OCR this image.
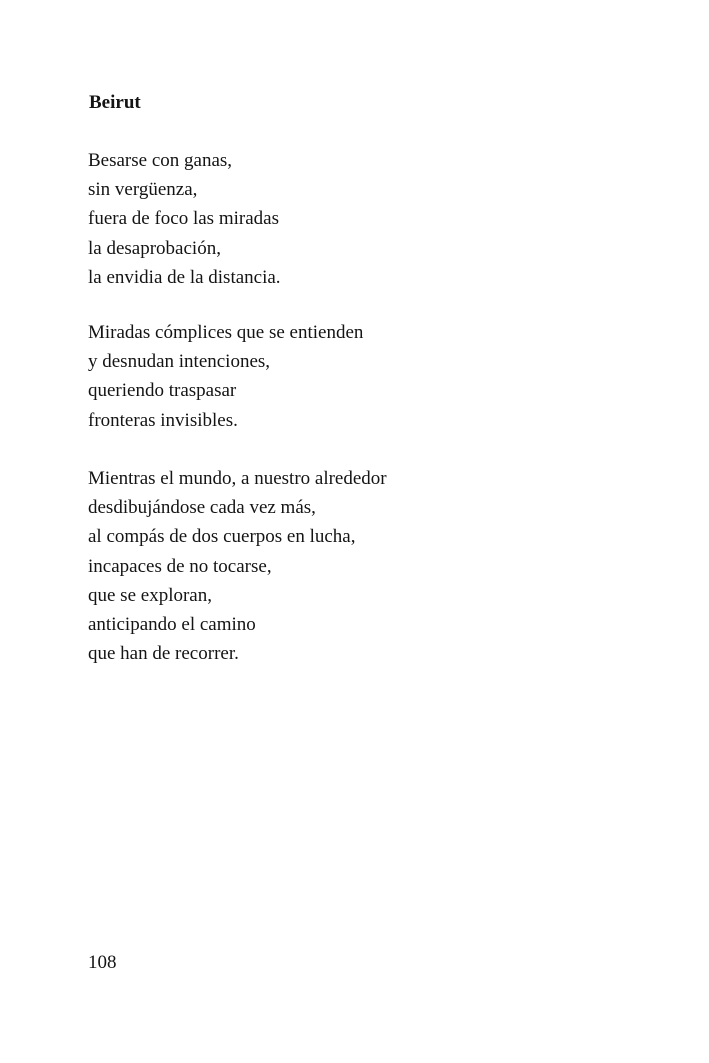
Beirut
Besarse con ganas,
sin vergüenza,
fuera de foco las miradas
la desaprobación,
la envidia de la distancia.
Miradas cómplices que se entienden
y desnudan intenciones,
queriendo traspasar
fronteras invisibles.
Mientras el mundo, a nuestro alrededor
desdibujándose cada vez más,
al compás de dos cuerpos en lucha,
incapaces de no tocarse,
que se exploran,
anticipando el camino
que han de recorrer.
108
